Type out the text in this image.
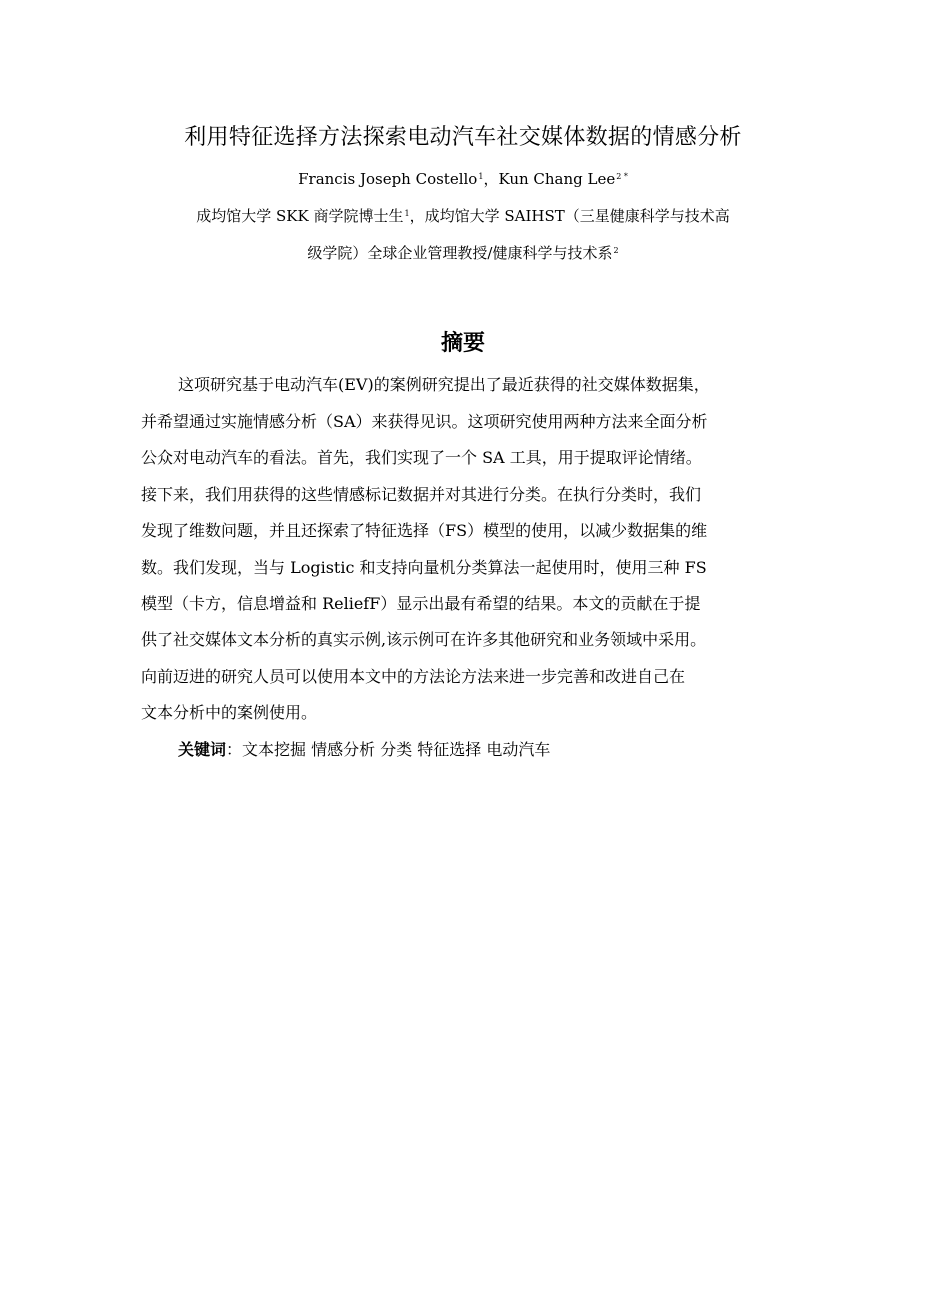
利用特征选择方法探索电动汽车社交媒体数据的情感分析
Francis Joseph Costello$^1$，Kun Chang Lee$^{2 *}$
成均馆大学 SKK 商学院博士生$^1$，成均馆大学 SAIHST（三星健康科学与技术高
级学院）全球企业管理教授/健康科学与技术系$^2$
摘要
这项研究基于电动汽车(EV)的案例研究提出了最近获得的社交媒体数据集，
并希望通过实施情感分析（SA）来获得见识。这项研究使用两种方法来全面分析
公众对电动汽车的看法。首先，我们实现了一个 SA 工具，用于提取评论情绪。
接下来，我们用获得的这些情感标记数据并对其进行分类。在执行分类时，我们
发现了维数问题，并且还探索了特征选择（FS）模型的使用，以减少数据集的维
数。我们发现，当与 Logistic 和支持向量机分类算法一起使用时，使用三种 FS
模型（卡方，信息增益和 ReliefF）显示出最有希望的结果。本文的贡献在于提
供了社交媒体文本分析的真实示例,该示例可在许多其他研究和业务领域中采用。
向前迈进的研究人员可以使用本文中的方法论方法来进一步完善和改进自己在
文本分析中的案例使用。
关键词：文本挖掘 情感分析 分类 特征选择 电动汽车
